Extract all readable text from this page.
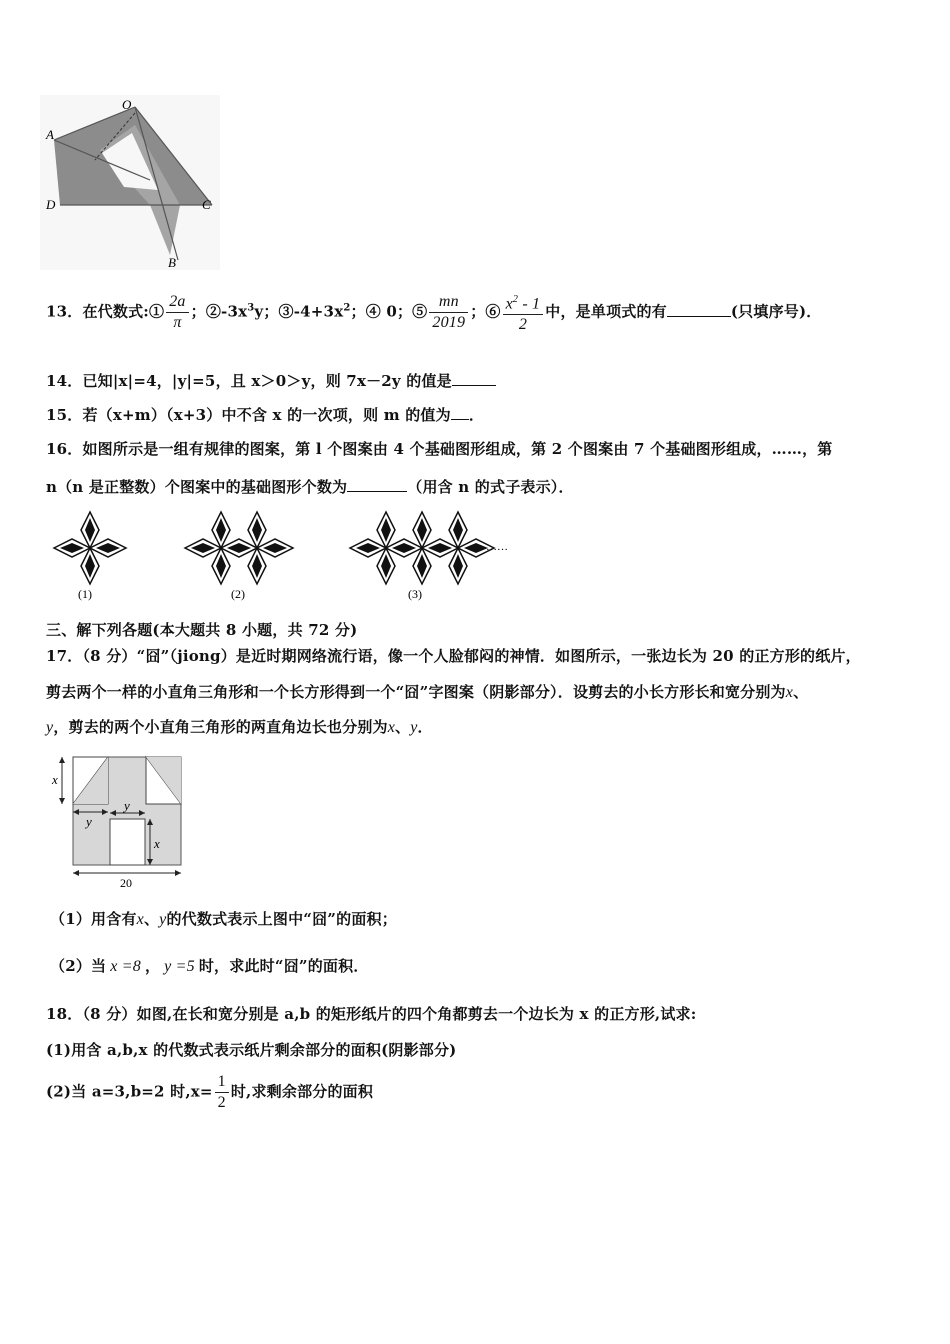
O
A
D	C
B
13．在代数式:① $\frac{2a}{\pi}$ ；$②-3x^3y$；$③-4+3x^2$；④ 0；⑤ $\frac{mn}{2019}$ ；⑥ $\frac{x^2 - 1}{2}$ 中，是单项式的有	(只填序号)．
14．已知|x|=4，|y|=5，且 x＞0＞y，则 7x－2y 的值是
15．若（x+m）（x+3）中不含 x 的一次项，则 m 的值为 ．
16．如图所示是一组有规律的图案，第 l 个图案由 4 个基础图形组成，第 2 个图案由 7 个基础图形组成，……，第
n（n 是正整数）个图案中的基础图形个数为	（用含 n 的式子表示）．
……
(1)	(2)	(3)
三、解下列各题(本大题共 8 小题，共 72 分)
17．（8 分）“囧”（jiong）是近时期网络流行语，像一个人脸郁闷的神情．如图所示，一张边长为 20 的正方形的纸片，
剪去两个一样的小直角三角形和一个长方形得到一个“囧”字图案（阴影部分）．设剪去的小长方形长和宽分别为x、
y，剪去的两个小直角三角形的两直角边长也分别为x、y．
x
y
y
x
20
（1）用含有x、y的代数式表示上图中“囧”的面积；
（2）当 x =8 ， y =5 时，求此时“囧”的面积．
18．（8 分）如图,在长和宽分别是 a,b 的矩形纸片的四个角都剪去一个边长为 x 的正方形,试求:
(1)用含 a,b,x 的代数式表示纸片剩余部分的面积(阴影部分)
(2)当 a=3,b=2 时$,x= \frac{1}{2}$ 时,求剩余部分的面积
